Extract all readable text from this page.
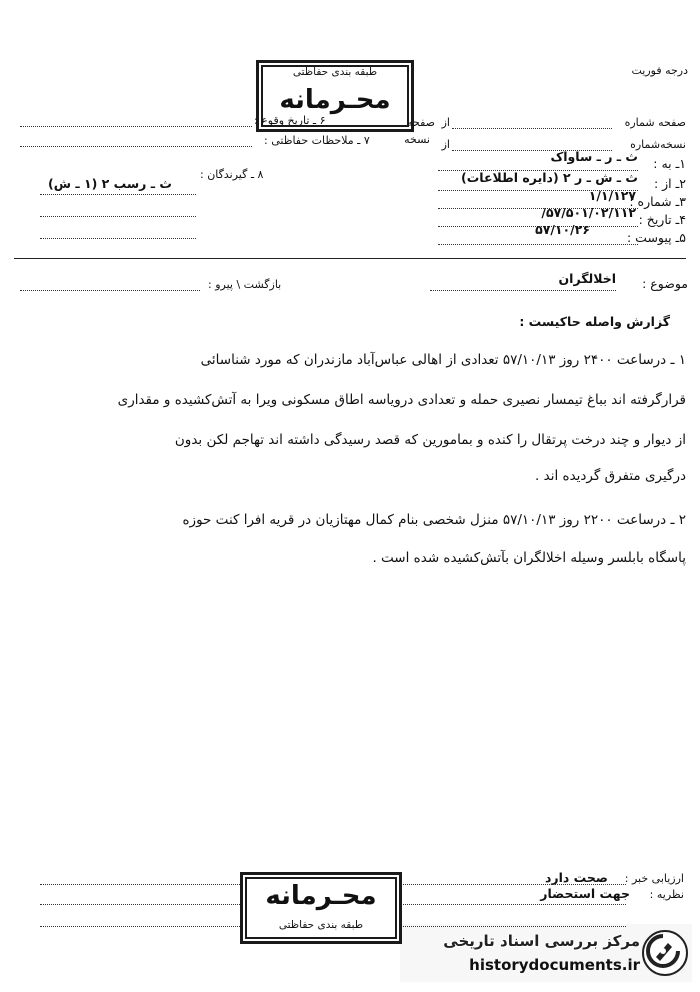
درجه فوریت
طبقه بندی حفاظتی
محـرمانه
صفحه شماره
از
صفحه
نسخه‌شماره
از
نسخه
۱ـ به :
ث ـ ر ـ ساواک
۲ـ از :
ث ـ ش ـ ر ۲ (دایره اطلاعات)
۳ـ شماره :
۱/۱/۱۲۷
۴ـ تاریخ :
۵۷/۵۰۱/۰۲/۱۱۲/
۵ـ پیوست :
۵۷/۱۰/۲۶
۶ ـ تاریخ وقوع :
۷ ـ ملاحظات حفاظتی :
۸ ـ گیرندگان :
ث ـ رسب ۲ (۱ ـ ش)
موضوع :
اخلالگران
بازگشت \ پیرو :
گزارش واصله حاکیست :
۱ ـ درساعت ۲۴۰۰ روز ۵۷/۱۰/۱۳ تعدادی از اهالی عباس‌آباد مازندران که مورد شناسائی
قرارگرفته اند بباغ تیمسار نصیری حمله و تعدادی درویاسه اطاق مسکونی ویرا به آتش‌کشیده و مقداری
از دیوار و چند درخت پرتقال را کنده و بمامورین که قصد رسیدگی داشته اند تهاجم لکن بدون
درگیری متفرق گردیده اند .
۲ ـ درساعت ۲۲۰۰ روز ۵۷/۱۰/۱۳ منزل شخصی بنام کمال مهتازیان در قریه افرا کنت حوزه
پاسگاه بابلسر وسیله اخلالگران بآتش‌کشیده شده است .
ارزیابی خبر :
صحت دارد
نظریه :
جهت استحضار
محـرمانه
طبقه بندی حفاظتی
مرکز بررسی اسناد تاریخی
historydocuments.ir
